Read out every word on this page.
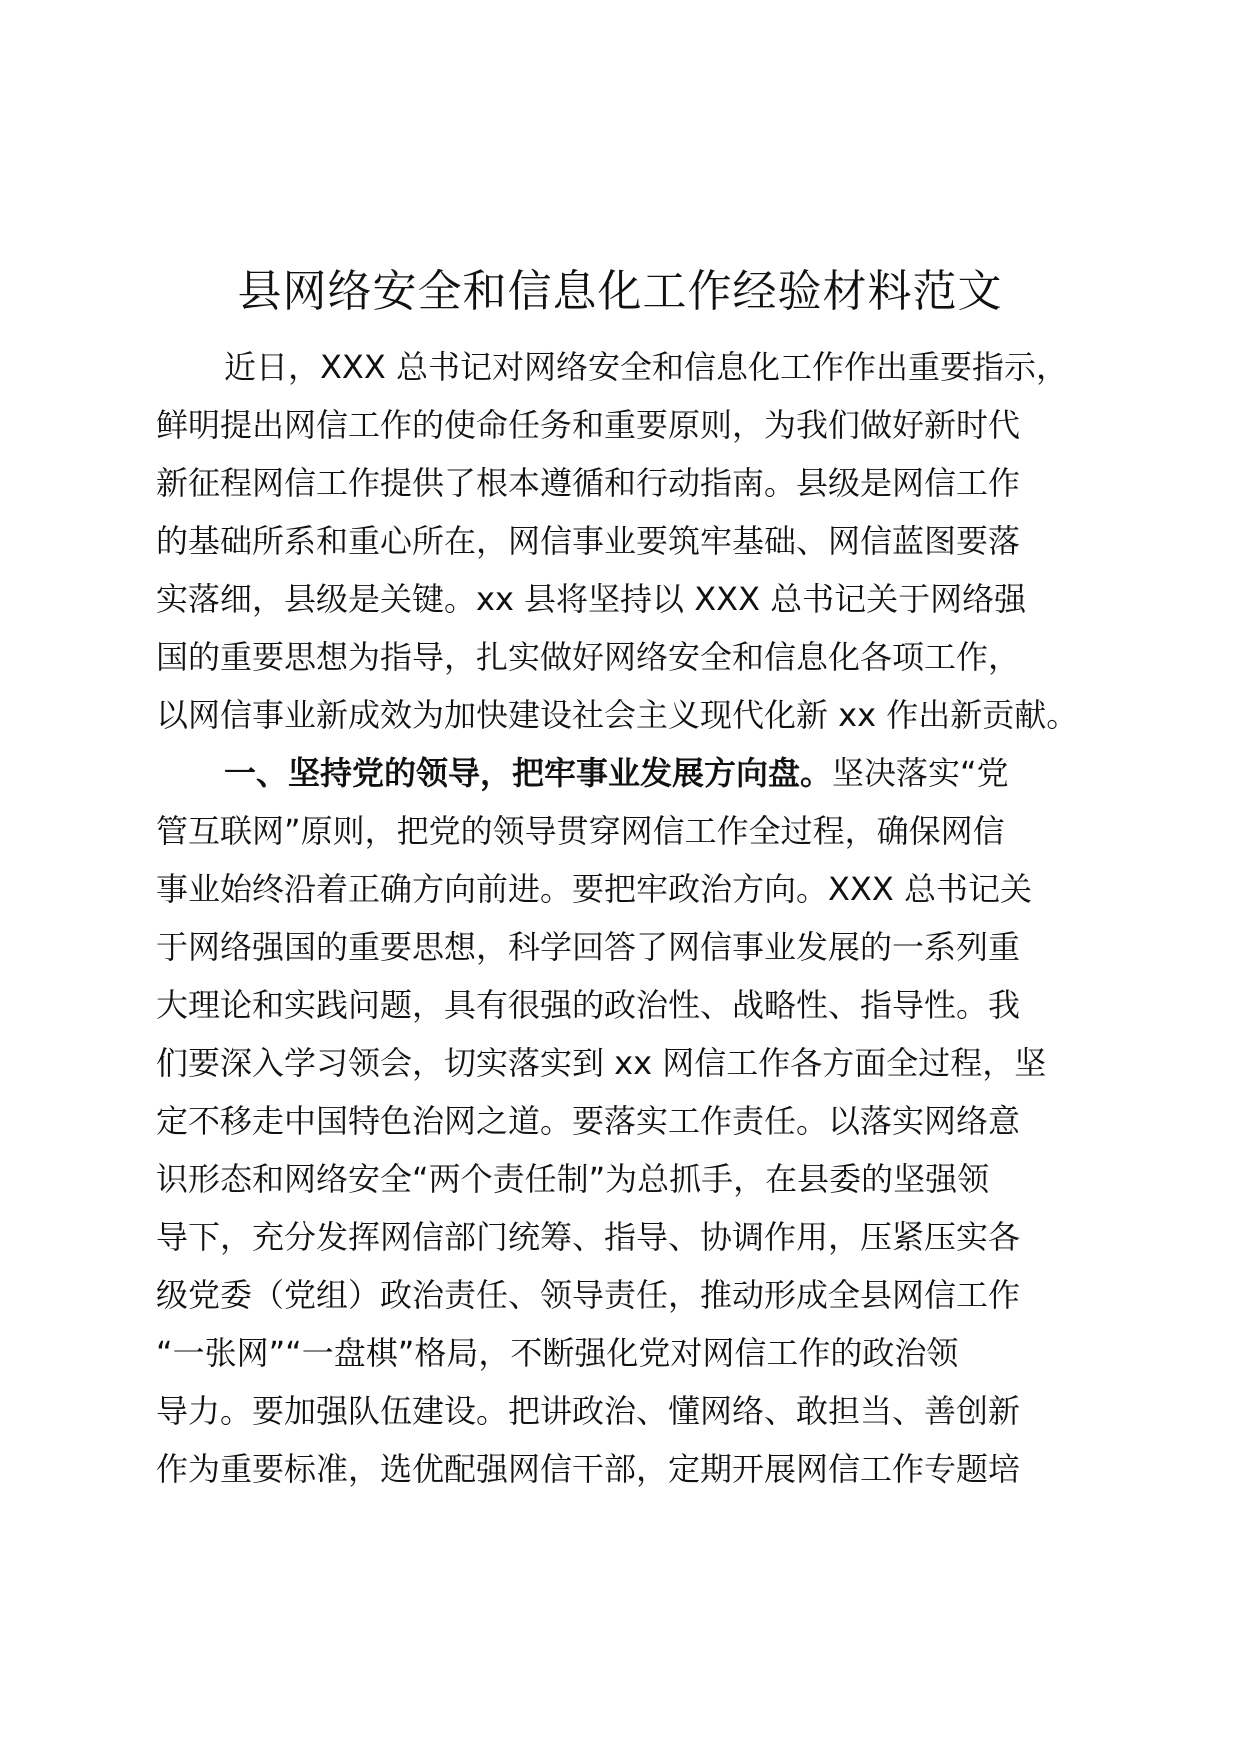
县网络安全和信息化工作经验材料范文
近日，XXX 总书记对网络安全和信息化工作作出重要指示，
鲜明提出网信工作的使命任务和重要原则，为我们做好新时代
新征程网信工作提供了根本遵循和行动指南。县级是网信工作
的基础所系和重心所在，网信事业要筑牢基础、网信蓝图要落
实落细，县级是关键。xx 县将坚持以 XXX 总书记关于网络强
国的重要思想为指导，扎实做好网络安全和信息化各项工作，
以网信事业新成效为加快建设社会主义现代化新 xx 作出新贡献。
一、坚持党的领导，把牢事业发展方向盘。坚决落实“党
管互联网”原则，把党的领导贯穿网信工作全过程，确保网信
事业始终沿着正确方向前进。要把牢政治方向。XXX 总书记关
于网络强国的重要思想，科学回答了网信事业发展的一系列重
大理论和实践问题，具有很强的政治性、战略性、指导性。我
们要深入学习领会，切实落实到 xx 网信工作各方面全过程，坚
定不移走中国特色治网之道。要落实工作责任。以落实网络意
识形态和网络安全“两个责任制”为总抓手，在县委的坚强领
导下，充分发挥网信部门统筹、指导、协调作用，压紧压实各
级党委（党组）政治责任、领导责任，推动形成全县网信工作
“一张网”“一盘棋”格局，不断强化党对网信工作的政治领
导力。要加强队伍建设。把讲政治、懂网络、敢担当、善创新
作为重要标准，选优配强网信干部，定期开展网信工作专题培
